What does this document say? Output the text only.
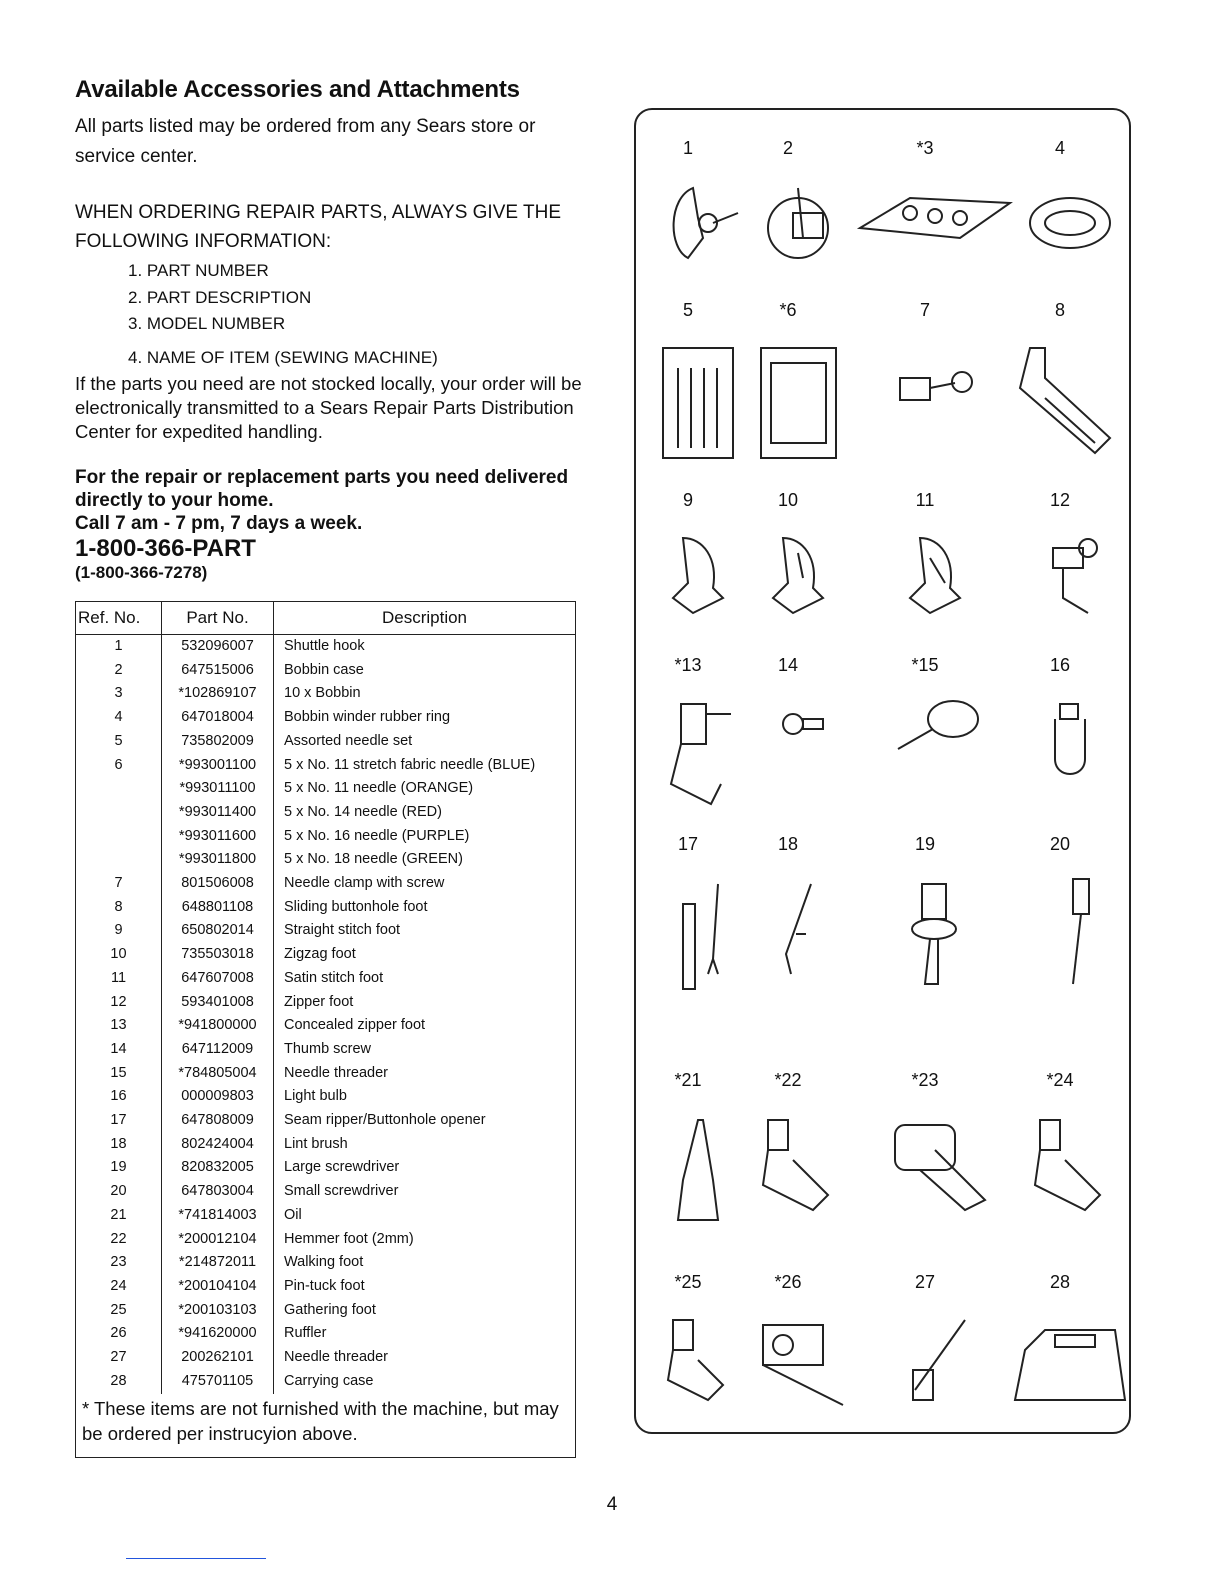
Available Accessories and Attachments

All parts listed may be ordered from any Sears store or service center.

WHEN ORDERING REPAIR PARTS, ALWAYS GIVE THE FOLLOWING INFORMATION:

1. PART NUMBER
2. PART DESCRIPTION
3. MODEL NUMBER
4. NAME OF ITEM (SEWING MACHINE)

If the parts you need are not stocked locally, your order will be electronically transmitted to a Sears Repair Parts Distribution Center for expedited handling.

For the repair or replacement parts you need delivered directly to your home.
Call 7 am - 7 pm, 7 days a week.

1-800-366-PART

(1-800-366-7278)

Ref. No.	Part No.	Description
1	532096007	Shuttle hook
2	647515006	Bobbin case
3	*102869107	10 x Bobbin
4	647018004	Bobbin winder rubber ring
5	735802009	Assorted needle set
6	*993001100	5 x No. 11 stretch fabric needle (BLUE)
	*993011100	5 x No. 11 needle (ORANGE)
	*993011400	5 x No. 14 needle (RED)
	*993011600	5 x No. 16 needle (PURPLE)
	*993011800	5 x No. 18 needle (GREEN)
7	801506008	Needle clamp with screw
8	648801108	Sliding buttonhole foot
9	650802014	Straight stitch foot
10	735503018	Zigzag foot
11	647607008	Satin stitch foot
12	593401008	Zipper foot
13	*941800000	Concealed zipper foot
14	647112009	Thumb screw
15	*784805004	Needle threader
16	000009803	Light bulb
17	647808009	Seam ripper/Buttonhole opener
18	802424004	Lint brush
19	820832005	Large screwdriver
20	647803004	Small screwdriver
21	*741814003	Oil
22	*200012104	Hemmer foot (2mm)
23	*214872011	Walking foot
24	*200104104	Pin-tuck foot
25	*200103103	Gathering foot
26	*941620000	Ruffler
27	200262101	Needle threader
28	475701105	Carrying case

* These items are not furnished with the machine, but may be ordered per instrucyion above.

1	2	*3	4
5	*6	7	8
9	10	11	12
*13	14	*15	16
17	18	19	20
*21	*22	*23	*24
*25	*26	27	28
4
